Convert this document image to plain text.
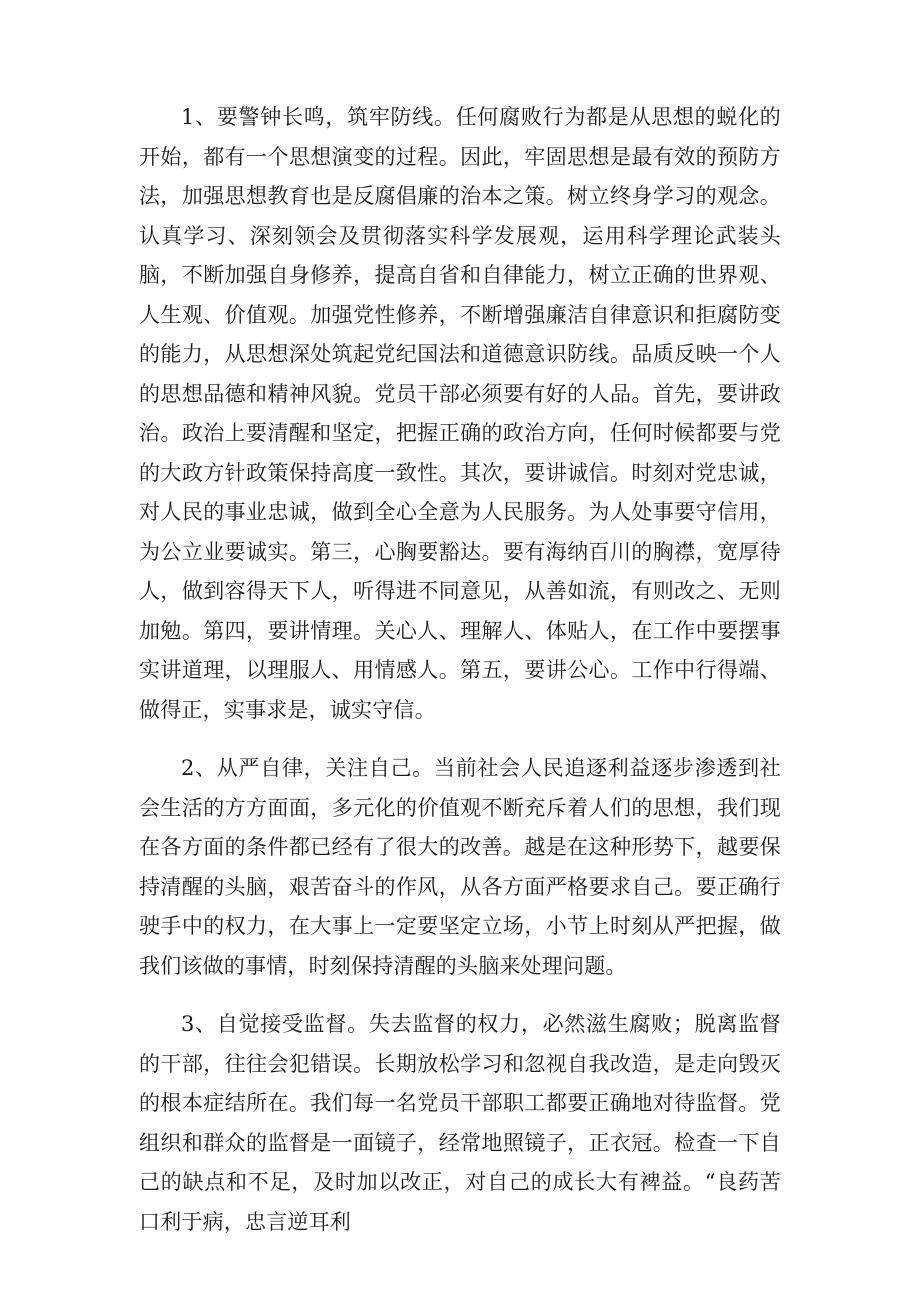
1、要警钟长鸣，筑牢防线。任何腐败行为都是从思想的蜕化的开始，都有一个思想演变的过程。因此，牢固思想是最有效的预防方法，加强思想教育也是反腐倡廉的治本之策。树立终身学习的观念。认真学习、深刻领会及贯彻落实科学发展观，运用科学理论武装头脑，不断加强自身修养，提高自省和自律能力，树立正确的世界观、人生观、价值观。加强党性修养，不断增强廉洁自律意识和拒腐防变的能力，从思想深处筑起党纪国法和道德意识防线。品质反映一个人的思想品德和精神风貌。党员干部必须要有好的人品。首先，要讲政治。政治上要清醒和坚定，把握正确的政治方向，任何时候都要与党的大政方针政策保持高度一致性。其次，要讲诚信。时刻对党忠诚，对人民的事业忠诚，做到全心全意为人民服务。为人处事要守信用，为公立业要诚实。第三，心胸要豁达。要有海纳百川的胸襟，宽厚待人，做到容得天下人，听得进不同意见，从善如流，有则改之、无则加勉。第四，要讲情理。关心人、理解人、体贴人，在工作中要摆事实讲道理，以理服人、用情感人。第五，要讲公心。工作中行得端、做得正，实事求是，诚实守信。

2、从严自律，关注自己。当前社会人民追逐利益逐步渗透到社会生活的方方面面，多元化的价值观不断充斥着人们的思想，我们现在各方面的条件都已经有了很大的改善。越是在这种形势下，越要保持清醒的头脑，艰苦奋斗的作风，从各方面严格要求自己。要正确行驶手中的权力，在大事上一定要坚定立场，小节上时刻从严把握，做我们该做的事情，时刻保持清醒的头脑来处理问题。

3、自觉接受监督。失去监督的权力，必然滋生腐败；脱离监督的干部，往往会犯错误。长期放松学习和忽视自我改造，是走向毁灭的根本症结所在。我们每一名党员干部职工都要正确地对待监督。党组织和群众的监督是一面镜子，经常地照镜子，正衣冠。检查一下自己的缺点和不足，及时加以改正，对自己的成长大有裨益。“良药苦口利于病，忠言逆耳利
